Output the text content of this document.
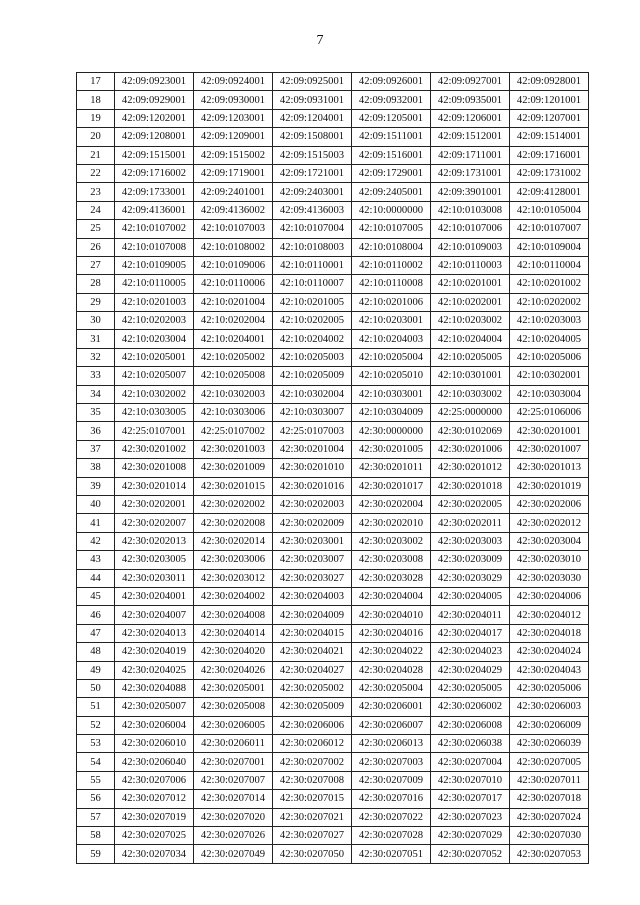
7
17	42:09:0923001	42:09:0924001	42:09:0925001	42:09:0926001	42:09:0927001	42:09:0928001
18	42:09:0929001	42:09:0930001	42:09:0931001	42:09:0932001	42:09:0935001	42:09:1201001
19	42:09:1202001	42:09:1203001	42:09:1204001	42:09:1205001	42:09:1206001	42:09:1207001
20	42:09:1208001	42:09:1209001	42:09:1508001	42:09:1511001	42:09:1512001	42:09:1514001
21	42:09:1515001	42:09:1515002	42:09:1515003	42:09:1516001	42:09:1711001	42:09:1716001
22	42:09:1716002	42:09:1719001	42:09:1721001	42:09:1729001	42:09:1731001	42:09:1731002
23	42:09:1733001	42:09:2401001	42:09:2403001	42:09:2405001	42:09:3901001	42:09:4128001
24	42:09:4136001	42:09:4136002	42:09:4136003	42:10:0000000	42:10:0103008	42:10:0105004
25	42:10:0107002	42:10:0107003	42:10:0107004	42:10:0107005	42:10:0107006	42:10:0107007
26	42:10:0107008	42:10:0108002	42:10:0108003	42:10:0108004	42:10:0109003	42:10:0109004
27	42:10:0109005	42:10:0109006	42:10:0110001	42:10:0110002	42:10:0110003	42:10:0110004
28	42:10:0110005	42:10:0110006	42:10:0110007	42:10:0110008	42:10:0201001	42:10:0201002
29	42:10:0201003	42:10:0201004	42:10:0201005	42:10:0201006	42:10:0202001	42:10:0202002
30	42:10:0202003	42:10:0202004	42:10:0202005	42:10:0203001	42:10:0203002	42:10:0203003
31	42:10:0203004	42:10:0204001	42:10:0204002	42:10:0204003	42:10:0204004	42:10:0204005
32	42:10:0205001	42:10:0205002	42:10:0205003	42:10:0205004	42:10:0205005	42:10:0205006
33	42:10:0205007	42:10:0205008	42:10:0205009	42:10:0205010	42:10:0301001	42:10:0302001
34	42:10:0302002	42:10:0302003	42:10:0302004	42:10:0303001	42:10:0303002	42:10:0303004
35	42:10:0303005	42:10:0303006	42:10:0303007	42:10:0304009	42:25:0000000	42:25:0106006
36	42:25:0107001	42:25:0107002	42:25:0107003	42:30:0000000	42:30:0102069	42:30:0201001
37	42:30:0201002	42:30:0201003	42:30:0201004	42:30:0201005	42:30:0201006	42:30:0201007
38	42:30:0201008	42:30:0201009	42:30:0201010	42:30:0201011	42:30:0201012	42:30:0201013
39	42:30:0201014	42:30:0201015	42:30:0201016	42:30:0201017	42:30:0201018	42:30:0201019
40	42:30:0202001	42:30:0202002	42:30:0202003	42:30:0202004	42:30:0202005	42:30:0202006
41	42:30:0202007	42:30:0202008	42:30:0202009	42:30:0202010	42:30:0202011	42:30:0202012
42	42:30:0202013	42:30:0202014	42:30:0203001	42:30:0203002	42:30:0203003	42:30:0203004
43	42:30:0203005	42:30:0203006	42:30:0203007	42:30:0203008	42:30:0203009	42:30:0203010
44	42:30:0203011	42:30:0203012	42:30:0203027	42:30:0203028	42:30:0203029	42:30:0203030
45	42:30:0204001	42:30:0204002	42:30:0204003	42:30:0204004	42:30:0204005	42:30:0204006
46	42:30:0204007	42:30:0204008	42:30:0204009	42:30:0204010	42:30:0204011	42:30:0204012
47	42:30:0204013	42:30:0204014	42:30:0204015	42:30:0204016	42:30:0204017	42:30:0204018
48	42:30:0204019	42:30:0204020	42:30:0204021	42:30:0204022	42:30:0204023	42:30:0204024
49	42:30:0204025	42:30:0204026	42:30:0204027	42:30:0204028	42:30:0204029	42:30:0204043
50	42:30:0204088	42:30:0205001	42:30:0205002	42:30:0205004	42:30:0205005	42:30:0205006
51	42:30:0205007	42:30:0205008	42:30:0205009	42:30:0206001	42:30:0206002	42:30:0206003
52	42:30:0206004	42:30:0206005	42:30:0206006	42:30:0206007	42:30:0206008	42:30:0206009
53	42:30:0206010	42:30:0206011	42:30:0206012	42:30:0206013	42:30:0206038	42:30:0206039
54	42:30:0206040	42:30:0207001	42:30:0207002	42:30:0207003	42:30:0207004	42:30:0207005
55	42:30:0207006	42:30:0207007	42:30:0207008	42:30:0207009	42:30:0207010	42:30:0207011
56	42:30:0207012	42:30:0207014	42:30:0207015	42:30:0207016	42:30:0207017	42:30:0207018
57	42:30:0207019	42:30:0207020	42:30:0207021	42:30:0207022	42:30:0207023	42:30:0207024
58	42:30:0207025	42:30:0207026	42:30:0207027	42:30:0207028	42:30:0207029	42:30:0207030
59	42:30:0207034	42:30:0207049	42:30:0207050	42:30:0207051	42:30:0207052	42:30:0207053
